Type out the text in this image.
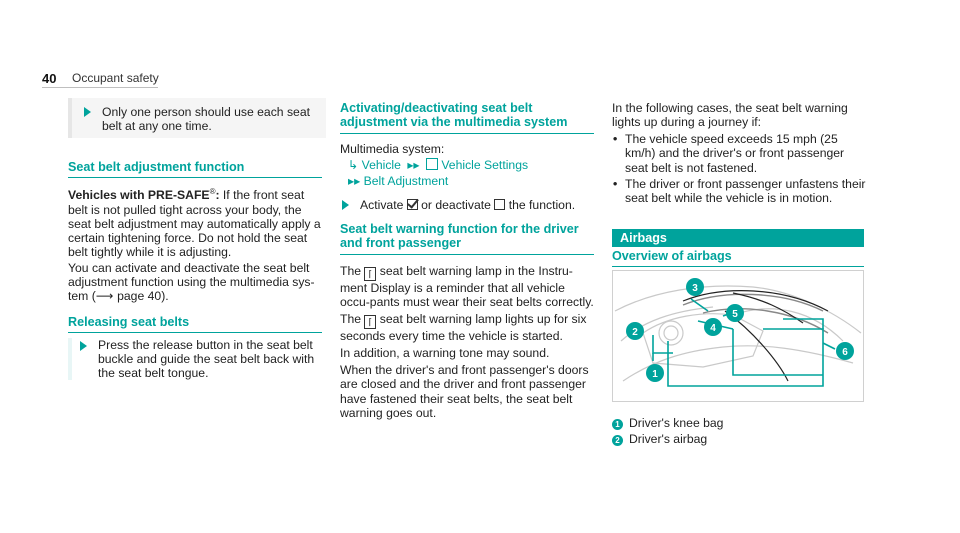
40 Occupant safety
Only one person should use each seat belt at any one time.
Seat belt adjustment function

Vehicles with PRE-SAFE®: If the front seat belt is not pulled tight across your body, the seat belt adjustment may automatically apply a certain tightening force. Do not hold the seat belt tightly while it is adjusting.

You can activate and deactivate the seat belt adjustment function using the multimedia sys-tem (⟶ page 40).

Releasing seat belts
Press the release button in the seat belt buckle and guide the seat belt back with the seat belt tongue.
Activating/deactivating seat belt adjustment via the multimedia system

Multimedia system:

↳ Vehicle ▸▸ Vehicle Settings
▸▸ Belt Adjustment
Activate or deactivate the function.
Seat belt warning function for the driver and front passenger

The ⌈ seat belt warning lamp in the Instru-ment Display is a reminder that all vehicle occu-pants must wear their seat belts correctly.

The ⌈ seat belt warning lamp lights up for six seconds every time the vehicle is started.

In addition, a warning tone may sound.

When the driver's and front passenger's doors are closed and the driver and front passenger have fastened their seat belts, the seat belt warning goes out.

In the following cases, the seat belt warning lights up during a journey if:

• The vehicle speed exceeds 15 mph (25 km/h) and the driver's or front passenger seat belt is not fastened.
• The driver or front passenger unfastens their seat belt while the vehicle is in motion.
Airbags
Overview of airbags
1
2
3
4
5
6
1 Driver's knee bag
2 Driver's airbag
